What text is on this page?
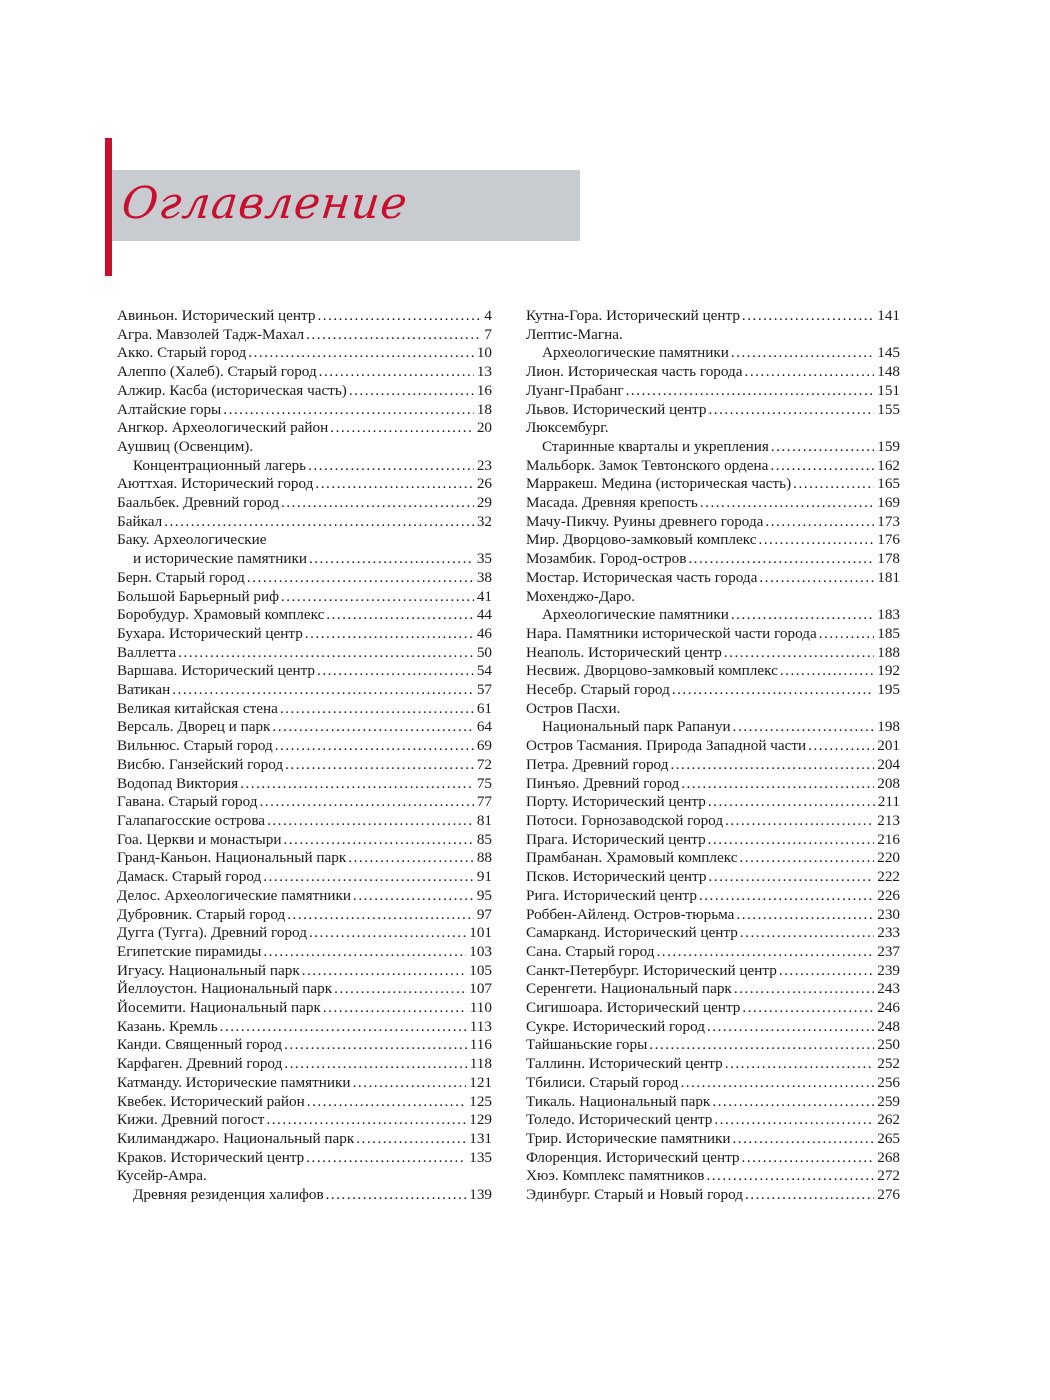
Оглавление
Авиньон. Исторический центр .....	4
Агра. Мавзолей Тадж-Махал .....	7
Акко. Старый город .....	10
Алеппо (Халеб). Старый город .....	13
Алжир. Касба (историческая часть) .....	16
Алтайские горы .....	18
Ангкор. Археологический район .....	20
Аушвиц (Освенцим).
Концентрационный лагерь .....	23
Аюттхая. Исторический город .....	26
Баальбек. Древний город .....	29
Байкал .....	32
Баку. Археологические
и исторические памятники .....	35
Берн. Старый город .....	38
Большой Барьерный риф .....	41
Боробудур. Храмовый комплекс .....	44
Бухара. Исторический центр .....	46
Валлетта .....	50
Варшава. Исторический центр .....	54
Ватикан .....	57
Великая китайская стена .....	61
Версаль. Дворец и парк .....	64
Вильнюс. Старый город .....	69
Висбю. Ганзейский город .....	72
Водопад Виктория .....	75
Гавана. Старый город .....	77
Галапагосские острова .....	81
Гоа. Церкви и монастыри .....	85
Гранд-Каньон. Национальный парк .....	88
Дамаск. Старый город .....	91
Делос. Археологические памятники .....	95
Дубровник. Старый город .....	97
Дугга (Тугга). Древний город .....	101
Египетские пирамиды .....	103
Игуасу. Национальный парк .....	105
Йеллоустон. Национальный парк .....	107
Йосемити. Национальный парк .....	110
Казань. Кремль .....	113
Канди. Священный город .....	116
Карфаген. Древний город .....	118
Катманду. Исторические памятники .....	121
Квебек. Исторический район .....	125
Кижи. Древний погост .....	129
Килиманджаро. Национальный парк .....	131
Краков. Исторический центр .....	135
Кусейр-Амра.
Древняя резиденция халифов .....	139
Кутна-Гора. Исторический центр .....	141
Лептис-Магна.
Археологические памятники .....	145
Лион. Историческая часть города .....	148
Луанг-Прабанг .....	151
Львов. Исторический центр .....	155
Люксембург.
Старинные кварталы и укрепления .....	159
Мальборк. Замок Тевтонского ордена .....	162
Марракеш. Медина (историческая часть) .....	165
Масада. Древняя крепость .....	169
Мачу-Пикчу. Руины древнего города .....	173
Мир. Дворцово-замковый комплекс .....	176
Мозамбик. Город-остров .....	178
Мостар. Историческая часть города .....	181
Мохенджо-Даро.
Археологические памятники .....	183
Нара. Памятники исторической части города .....	185
Неаполь. Исторический центр .....	188
Несвиж. Дворцово-замковый комплекс .....	192
Несебр. Старый город .....	195
Остров Пасхи.
Национальный парк Рапануи .....	198
Остров Тасмания. Природа Западной части .....	201
Петра. Древний город .....	204
Пинъяо. Древний город .....	208
Порту. Исторический центр .....	211
Потоси. Горнозаводской город .....	213
Прага. Исторический центр .....	216
Прамбанан. Храмовый комплекс .....	220
Псков. Исторический центр .....	222
Рига. Исторический центр .....	226
Роббен-Айленд. Остров-тюрьма .....	230
Самарканд. Исторический центр .....	233
Сана. Старый город .....	237
Санкт-Петербург. Исторический центр .....	239
Серенгети. Национальный парк .....	243
Сигишоара. Исторический центр .....	246
Сукре. Исторический город .....	248
Тайшаньские горы .....	250
Таллинн. Исторический центр .....	252
Тбилиси. Старый город .....	256
Тикаль. Национальный парк .....	259
Толедо. Исторический центр .....	262
Трир. Исторические памятники .....	265
Флоренция. Исторический центр .....	268
Хюэ. Комплекс памятников .....	272
Эдинбург. Старый и Новый город .....	276
